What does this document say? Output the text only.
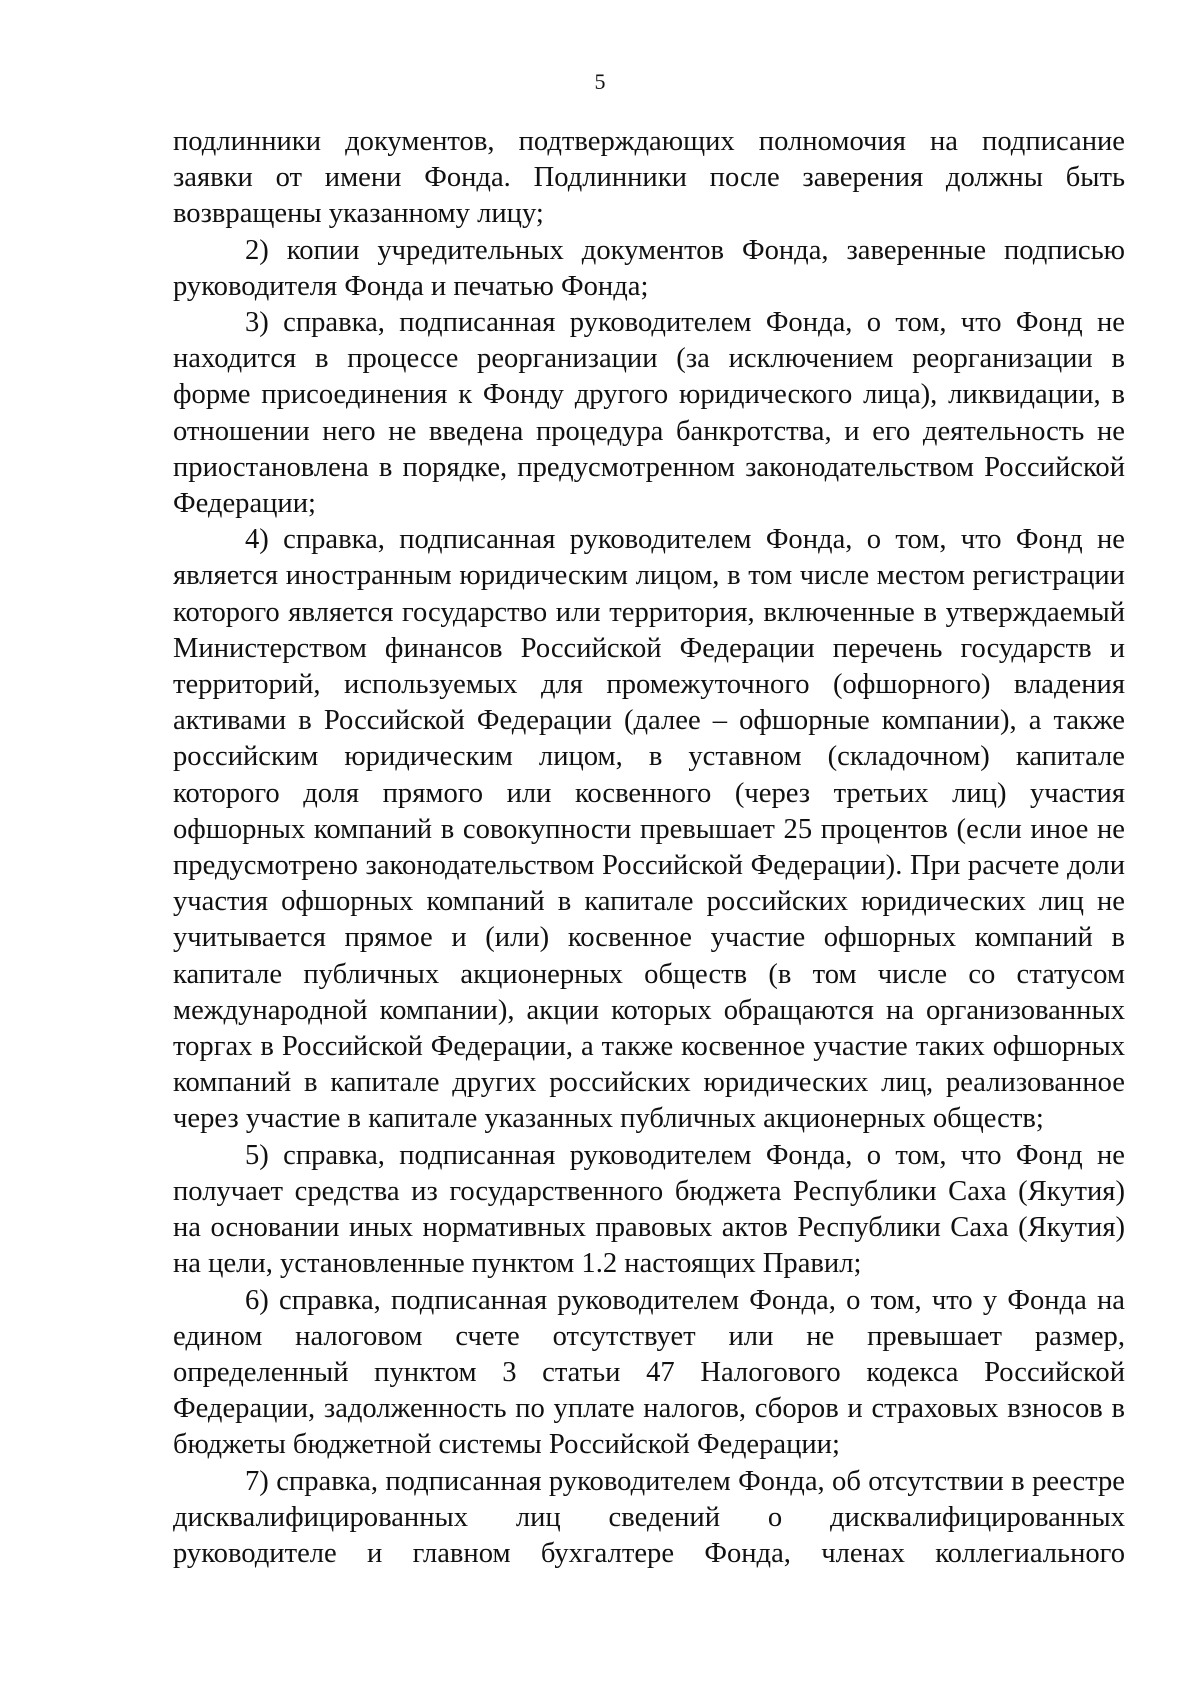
5

подлинники документов, подтверждающих полномочия на подписание заявки от имени Фонда. Подлинники после заверения должны быть возвращены указанному лицу;

2) копии учредительных документов Фонда, заверенные подписью руководителя Фонда и печатью Фонда;

3) справка, подписанная руководителем Фонда, о том, что Фонд не находится в процессе реорганизации (за исключением реорганизации в форме присоединения к Фонду другого юридического лица), ликвидации, в отношении него не введена процедура банкротства, и его деятельность не приостановлена в порядке, предусмотренном законодательством Российской Федерации;

4) справка, подписанная руководителем Фонда, о том, что Фонд не является иностранным юридическим лицом, в том числе местом регистрации которого является государство или территория, включенные в утверждаемый Министерством финансов Российской Федерации перечень государств и территорий, используемых для промежуточного (офшорного) владения активами в Российской Федерации (далее – офшорные компании), а также российским юридическим лицом, в уставном (складочном) капитале которого доля прямого или косвенного (через третьих лиц) участия офшорных компаний в совокупности превышает 25 процентов (если иное не предусмотрено законодательством Российской Федерации). При расчете доли участия офшорных компаний в капитале российских юридических лиц не учитывается прямое и (или) косвенное участие офшорных компаний в капитале публичных акционерных обществ (в том числе со статусом международной компании), акции которых обращаются на организованных торгах в Российской Федерации, а также косвенное участие таких офшорных компаний в капитале других российских юридических лиц, реализованное через участие в капитале указанных публичных акционерных обществ;

5) справка, подписанная руководителем Фонда, о том, что Фонд не получает средства из государственного бюджета Республики Саха (Якутия) на основании иных нормативных правовых актов Республики Саха (Якутия) на цели, установленные пунктом 1.2 настоящих Правил;

6) справка, подписанная руководителем Фонда, о том, что у Фонда на едином налоговом счете отсутствует или не превышает размер, определенный пунктом 3 статьи 47 Налогового кодекса Российской Федерации, задолженность по уплате налогов, сборов и страховых взносов в бюджеты бюджетной системы Российской Федерации;

7) справка, подписанная руководителем Фонда, об отсутствии в реестре дисквалифицированных лиц сведений о дисквалифицированных руководителе и главном бухгалтере Фонда, членах коллегиального
